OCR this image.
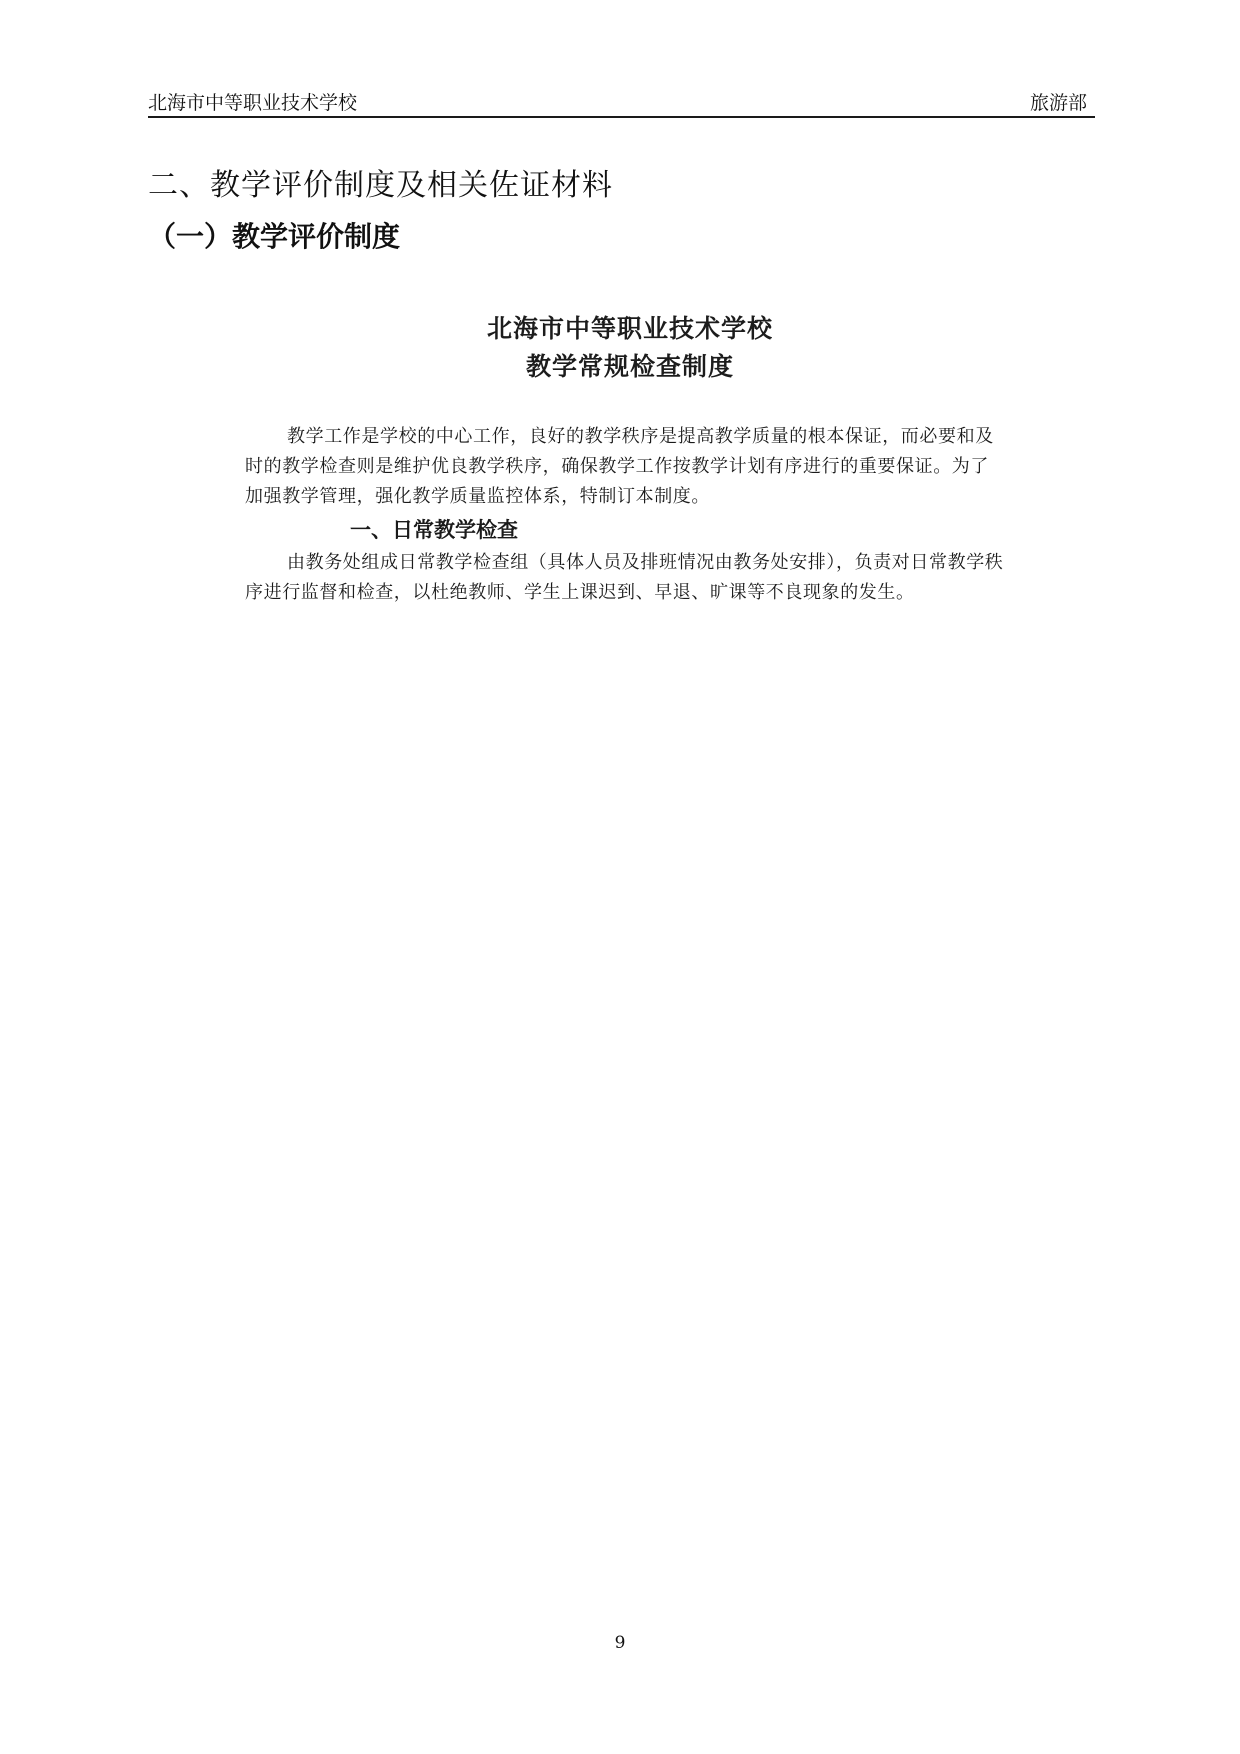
北海市中等职业技术学校	旅游部
二、教学评价制度及相关佐证材料
（一）教学评价制度
北海市中等职业技术学校
教学常规检查制度

教学工作是学校的中心工作，良好的教学秩序是提高教学质量的根本保证，而必要和及时的教学检查则是维护优良教学秩序，确保教学工作按教学计划有序进行的重要保证。为了加强教学管理，强化教学质量监控体系，特制订本制度。

一、日常教学检查

由教务处组成日常教学检查组（具体人员及排班情况由教务处安排），负责对日常教学秩序进行监督和检查，以杜绝教师、学生上课迟到、早退、旷课等不良现象的发生。

9
